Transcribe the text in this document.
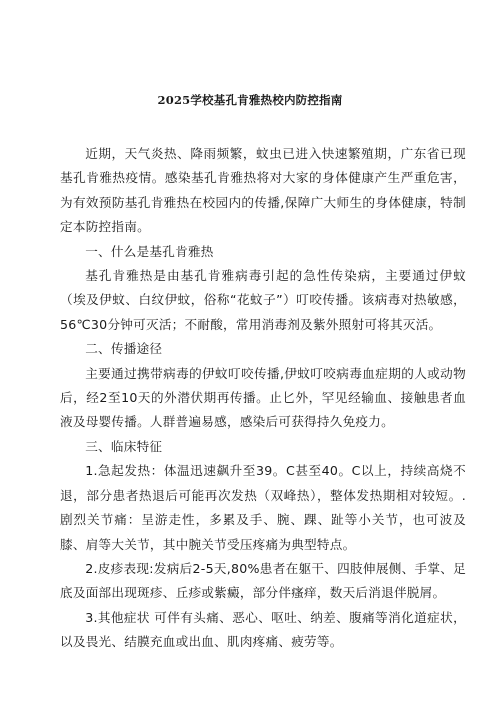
2025学校基孔肯雅热校内防控指南

近期，天气炎热、降雨频繁，蚊虫已进入快速繁殖期，广东省已现基孔肯雅热疫情。感染基孔肯雅热将对大家的身体健康产生严重危害，为有效预防基孔肯雅热在校园内的传播,保障广大师生的身体健康，特制定本防控指南。

一、什么是基孔肯雅热

基孔肯雅热是由基孔肯雅病毒引起的急性传染病，主要通过伊蚊（埃及伊蚊、白纹伊蚊，俗称“花蚊子”）叮咬传播。该病毒对热敏感，56℃30分钟可灭活；不耐酸，常用消毒剂及紫外照射可将其灭活。

二、传播途径

主要通过携带病毒的伊蚊叮咬传播,伊蚊叮咬病毒血症期的人或动物后，经2至10天的外潜伏期再传播。止匕外，罕见经输血、接触患者血液及母婴传播。人群普遍易感，感染后可获得持久免疫力。

三、临床特征

1.急起发热：体温迅速飙升至39。C甚至40。C以上，持续高烧不退，部分患者热退后可能再次发热（双峰热），整体发热期相对较短。.剧烈关节痛：呈游走性，多累及手、腕、踝、趾等小关节，也可波及膝、肩等大关节，其中腕关节受压疼痛为典型特点。

2.皮疹表现:发病后2-5天,80%患者在躯干、四肢伸展侧、手掌、足底及面部出现斑疹、丘疹或紫癜，部分伴瘙痒，数天后消退伴脱屑。

3.其他症状 可伴有头痛、恶心、呕吐、纳差、腹痛等消化道症状，以及畏光、结膜充血或出血、肌肉疼痛、疲劳等。
